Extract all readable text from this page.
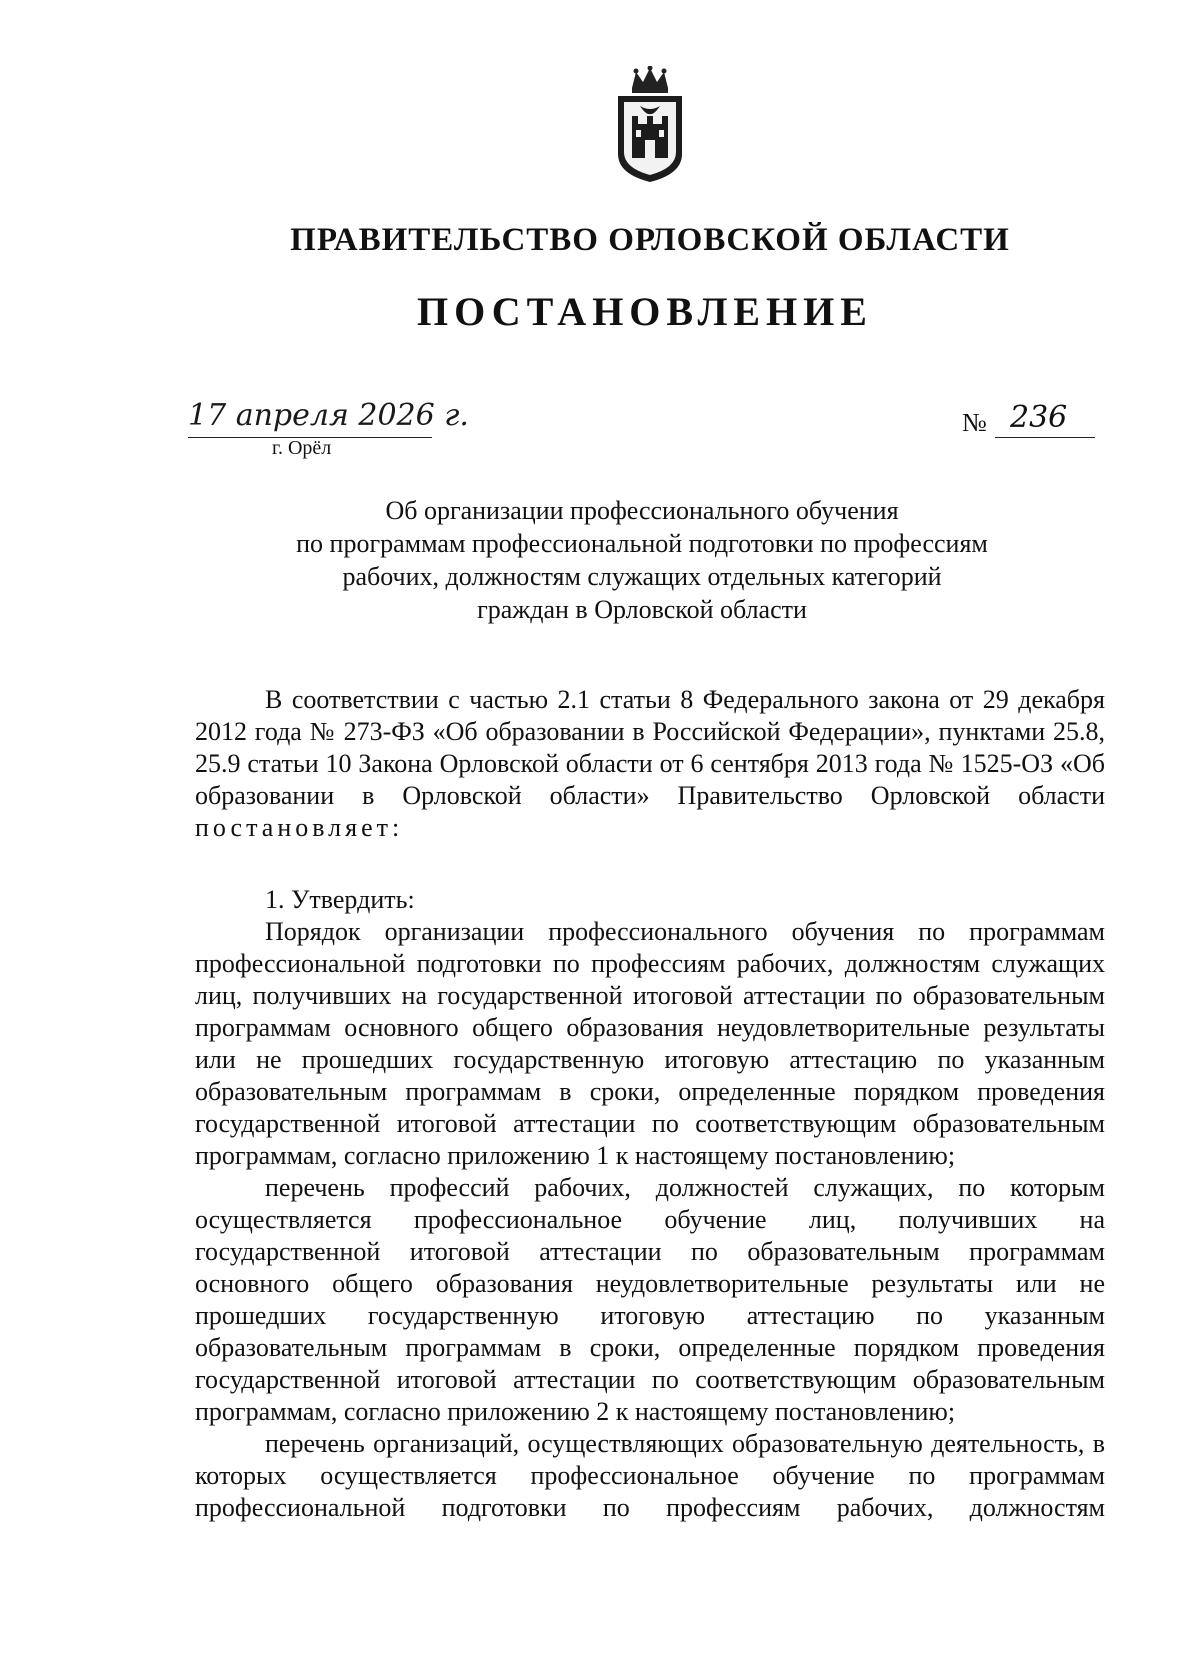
ПРАВИТЕЛЬСТВО ОРЛОВСКОЙ ОБЛАСТИ
ПОСТАНОВЛЕНИЕ
17 апреля 2026 г.
г. Орёл
№ 236
Об организации профессионального обучения
по программам профессиональной подготовки по профессиям
рабочих, должностям служащих отдельных категорий
граждан в Орловской области

В соответствии с частью 2.1 статьи 8 Федерального закона от 29 декабря 2012 года № 273-ФЗ «Об образовании в Российской Федерации», пунктами 25.8, 25.9 статьи 10 Закона Орловской области от 6 сентября 2013 года № 1525-ОЗ «Об образовании в Орловской области» Правительство Орловской области постановляет:

1. Утвердить:

Порядок организации профессионального обучения по программам профессиональной подготовки по профессиям рабочих, должностям служащих лиц, получивших на государственной итоговой аттестации по образовательным программам основного общего образования неудовлетворительные результаты или не прошедших государственную итоговую аттестацию по указанным образовательным программам в сроки, определенные порядком проведения государственной итоговой аттестации по соответствующим образовательным программам, согласно приложению 1 к настоящему постановлению;

перечень профессий рабочих, должностей служащих, по которым осуществляется профессиональное обучение лиц, получивших на государственной итоговой аттестации по образовательным программам основного общего образования неудовлетворительные результаты или не прошедших государственную итоговую аттестацию по указанным образовательным программам в сроки, определенные порядком проведения государственной итоговой аттестации по соответствующим образовательным программам, согласно приложению 2 к настоящему постановлению;

перечень организаций, осуществляющих образовательную деятельность, в которых осуществляется профессиональное обучение по программам профессиональной подготовки по профессиям рабочих, должностям
